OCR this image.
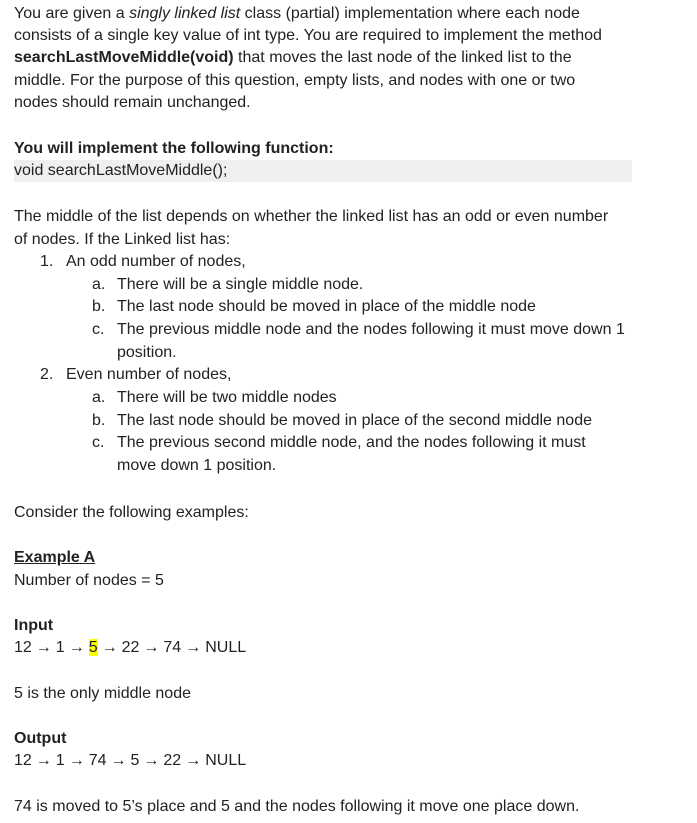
You are given a singly linked list class (partial) implementation where each node
consists of a single key value of int type. You are required to implement the method
searchLastMoveMiddle(void) that moves the last node of the linked list to the
middle. For the purpose of this question, empty lists, and nodes with one or two
nodes should remain unchanged.
You will implement the following function:
void searchLastMoveMiddle();
The middle of the list depends on whether the linked list has an odd or even number
of nodes. If the Linked list has:
1. An odd number of nodes,
a. There will be a single middle node.
b. The last node should be moved in place of the middle node
c. The previous middle node and the nodes following it must move down 1
position.
2. Even number of nodes,
a. There will be two middle nodes
b. The last node should be moved in place of the second middle node
c. The previous second middle node, and the nodes following it must
move down 1 position.
Consider the following examples:
Example A
Number of nodes = 5
Input
12 → 1 → 5 → 22 → 74 → NULL
5 is the only middle node
Output
12 → 1 → 74 → 5 → 22 → NULL
74 is moved to 5’s place and 5 and the nodes following it move one place down.
